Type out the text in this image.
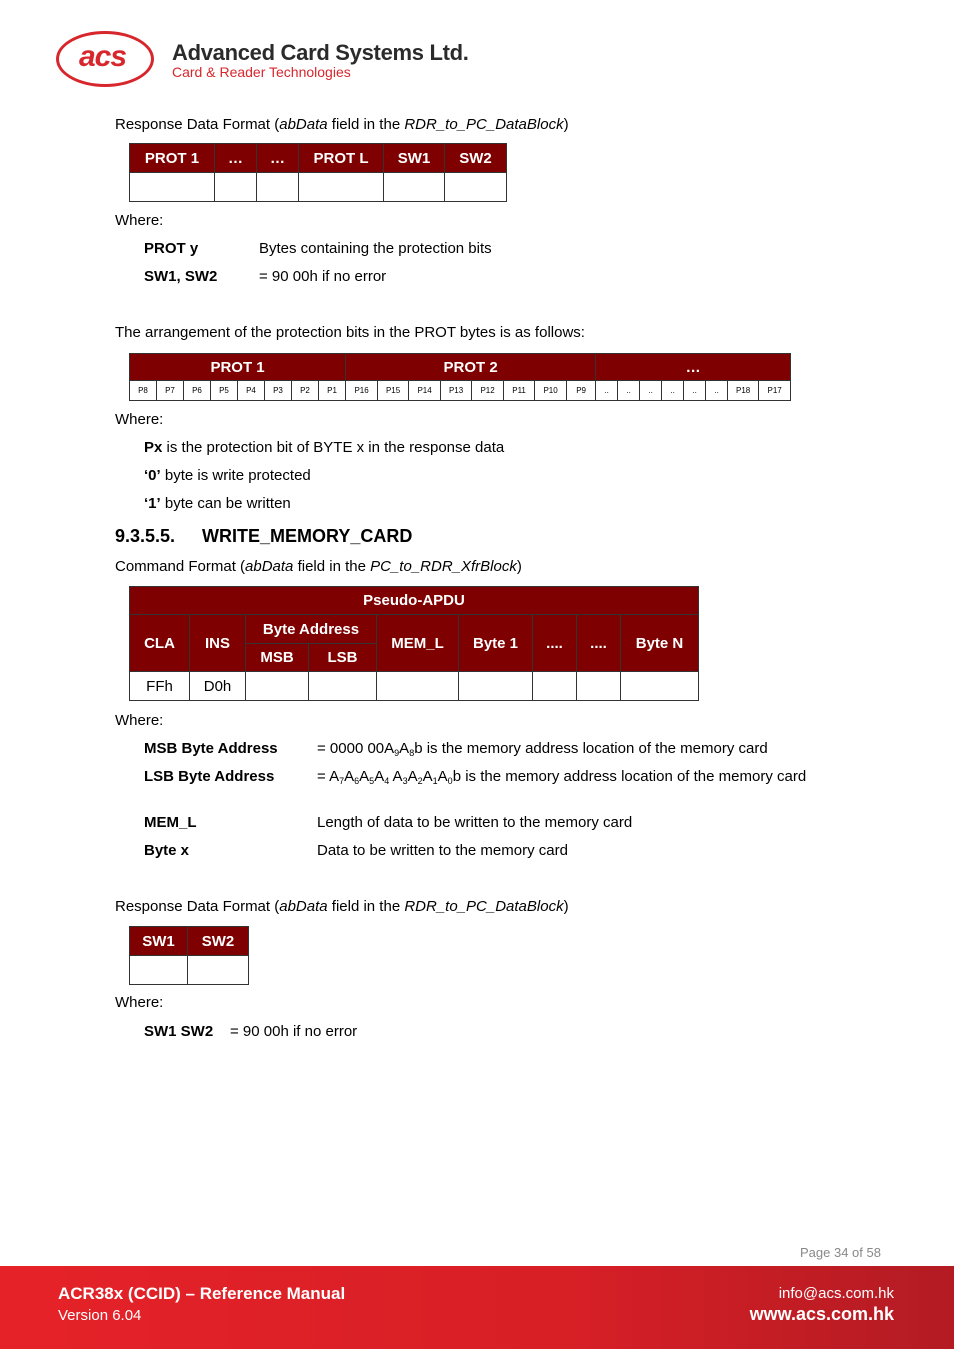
acs Advanced Card Systems Ltd.
Card & Reader Technologies

Response Data Format (abData field in the RDR_to_PC_DataBlock)

PROT 1	…	…	PROT L	SW1	SW2

Where:

PROT y	Bytes containing the protection bits
SW1, SW2	= 90 00h if no error

The arrangement of the protection bits in the PROT bytes is as follows:

PROT 1								PROT 2								…							
P8	P7	P6	P5	P4	P3	P2	P1	P16	P15	P14	P13	P12	P11	P10	P9	..	..	..	..	..	..	P18	P17

Where:

Px is the protection bit of BYTE x in the response data

‘0’ byte is write protected

‘1’ byte can be written

9.3.5.5. WRITE_MEMORY_CARD

Command Format (abData field in the PC_to_RDR_XfrBlock)

Pseudo-APDU								
CLA	INS	Byte Address		MEM_L	Byte 1	....	....	Byte N
		MSB	LSB					
FFh	D0h							

Where:

MSB Byte Address	= 0000 $00A_9A_8b$ is the memory address location of the memory card
LSB Byte Address	= $A_7A_6A_5A_4$ $A_3A_2A_1A_0b$ is the memory address location of the memory card
MEM_L	Length of data to be written to the memory card
Byte x	Data to be written to the memory card

Response Data Format (abData field in the RDR_to_PC_DataBlock)

SW1	SW2

Where:

SW1 SW2 = 90 00h if no error
Page 34 of 58
ACR38x (CCID) – Reference Manual
Version 6.04
info@acs.com.hk
www.acs.com.hk
